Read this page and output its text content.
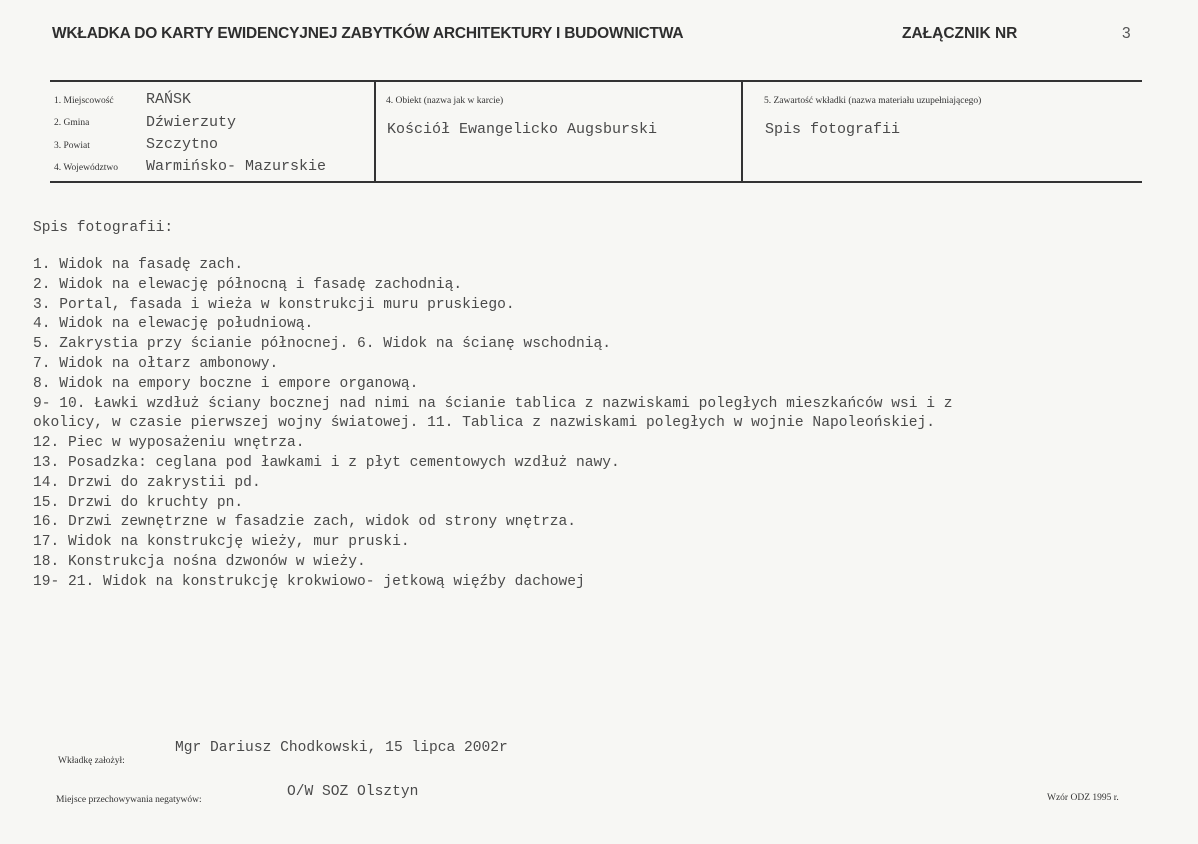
WKŁADKA DO KARTY EWIDENCYJNEJ ZABYTKÓW ARCHITEKTURY I BUDOWNICTWA	ZAŁĄCZNIK NR	3
1. Miejscowość RAŃSK
2. Gmina	Dźwierzuty
3. Powiat	Szczytno
4. Województwo Warmińsko- Mazurskie
4. Obiekt (nazwa jak w karcie)
Kościół Ewangelicko Augsburski
5. Zawartość wkładki (nazwa materiału uzupełniającego)
Spis fotografii
Spis fotografii:
1. Widok na fasadę zach.
2. Widok na elewację północną i fasadę zachodnią.
3. Portal, fasada i wieża w konstrukcji muru pruskiego.
4. Widok na elewację południową.
5. Zakrystia przy ścianie północnej. 6. Widok na ścianę wschodnią.
7. Widok na ołtarz ambonowy.
8. Widok na empory boczne i empore organową.
9- 10. Ławki wzdłuż ściany bocznej nad nimi na ścianie tablica z nazwiskami poległych mieszkańców wsi i z
okolicy, w czasie pierwszej wojny światowej. 11. Tablica z nazwiskami poległych w wojnie Napoleońskiej.
12. Piec w wyposażeniu wnętrza.
13. Posadzka: ceglana pod ławkami i z płyt cementowych wzdłuż nawy.
14. Drzwi do zakrystii pd.
15. Drzwi do kruchty pn.
16. Drzwi zewnętrzne w fasadzie zach, widok od strony wnętrza.
17. Widok na konstrukcję wieży, mur pruski.
18. Konstrukcja nośna dzwonów w wieży.
19- 21. Widok na konstrukcję krokwiowo- jetkową więźby dachowej
Wkładkę założył:
Mgr Dariusz Chodkowski, 15 lipca 2002r
Miejsce przechowywania negatywów:	O/W SOZ Olsztyn	Wzór ODZ 1995 r.
